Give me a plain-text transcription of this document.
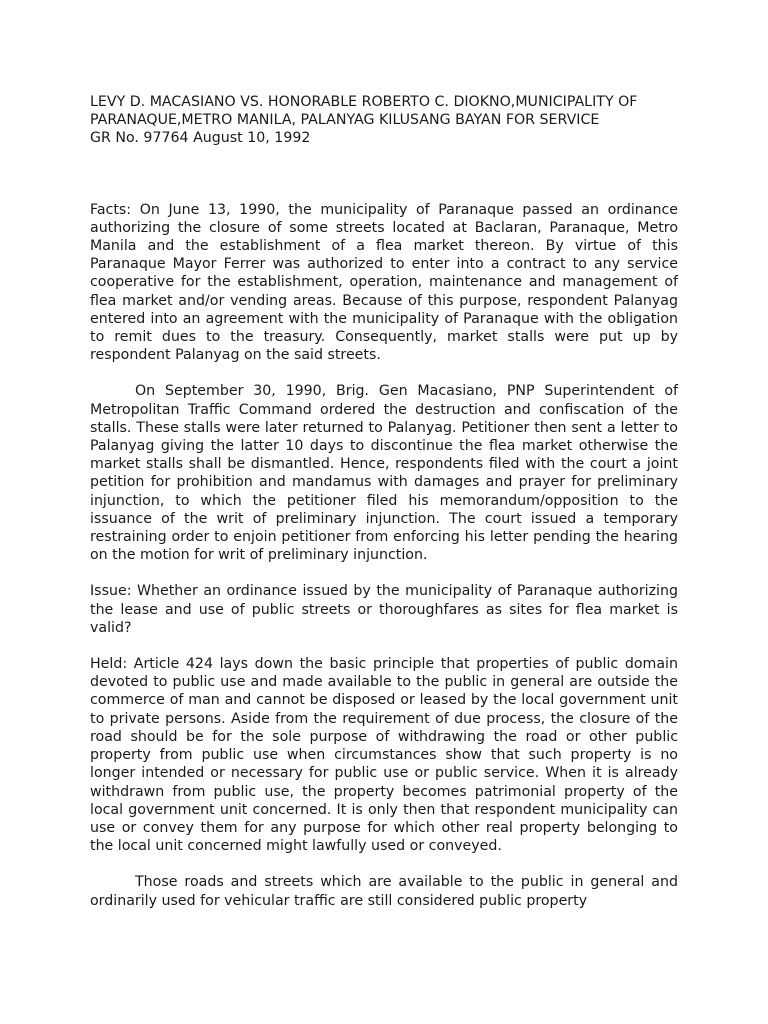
LEVY D. MACASIANO VS. HONORABLE ROBERTO C. DIOKNO,MUNICIPALITY OF
PARANAQUE,METRO MANILA, PALANYAG KILUSANG BAYAN FOR SERVICE
GR No. 97764 August 10, 1992

Facts: On June 13, 1990, the municipality of Paranaque passed an ordinance authorizing the closure of some streets located at Baclaran, Paranaque, Metro Manila and the establishment of a flea market thereon. By virtue of this Paranaque Mayor Ferrer was authorized to enter into a contract to any service cooperative for the establishment, operation, maintenance and management of flea market and/or vending areas. Because of this purpose, respondent Palanyag entered into an agreement with the municipality of Paranaque with the obligation to remit dues to the treasury. Consequently, market stalls were put up by respondent Palanyag on the said streets.

On September 30, 1990, Brig. Gen Macasiano, PNP Superintendent of Metropolitan Traffic Command ordered the destruction and confiscation of the stalls. These stalls were later returned to Palanyag. Petitioner then sent a letter to Palanyag giving the latter 10 days to discontinue the flea market otherwise the market stalls shall be dismantled. Hence, respondents filed with the court a joint petition for prohibition and mandamus with damages and prayer for preliminary injunction, to which the petitioner filed his memorandum/opposition to the issuance of the writ of preliminary injunction. The court issued a temporary restraining order to enjoin petitioner from enforcing his letter pending the hearing on the motion for writ of preliminary injunction.

Issue: Whether an ordinance issued by the municipality of Paranaque authorizing the lease and use of public streets or thoroughfares as sites for flea market is valid?

Held: Article 424 lays down the basic principle that properties of public domain devoted to public use and made available to the public in general are outside the commerce of man and cannot be disposed or leased by the local government unit to private persons. Aside from the requirement of due process, the closure of the road should be for the sole purpose of withdrawing the road or other public property from public use when circumstances show that such property is no longer intended or necessary for public use or public service. When it is already withdrawn from public use, the property becomes patrimonial property of the local government unit concerned. It is only then that respondent municipality can use or convey them for any purpose for which other real property belonging to the local unit concerned might lawfully used or conveyed.

Those roads and streets which are available to the public in general and ordinarily used for vehicular traffic are still considered public property
